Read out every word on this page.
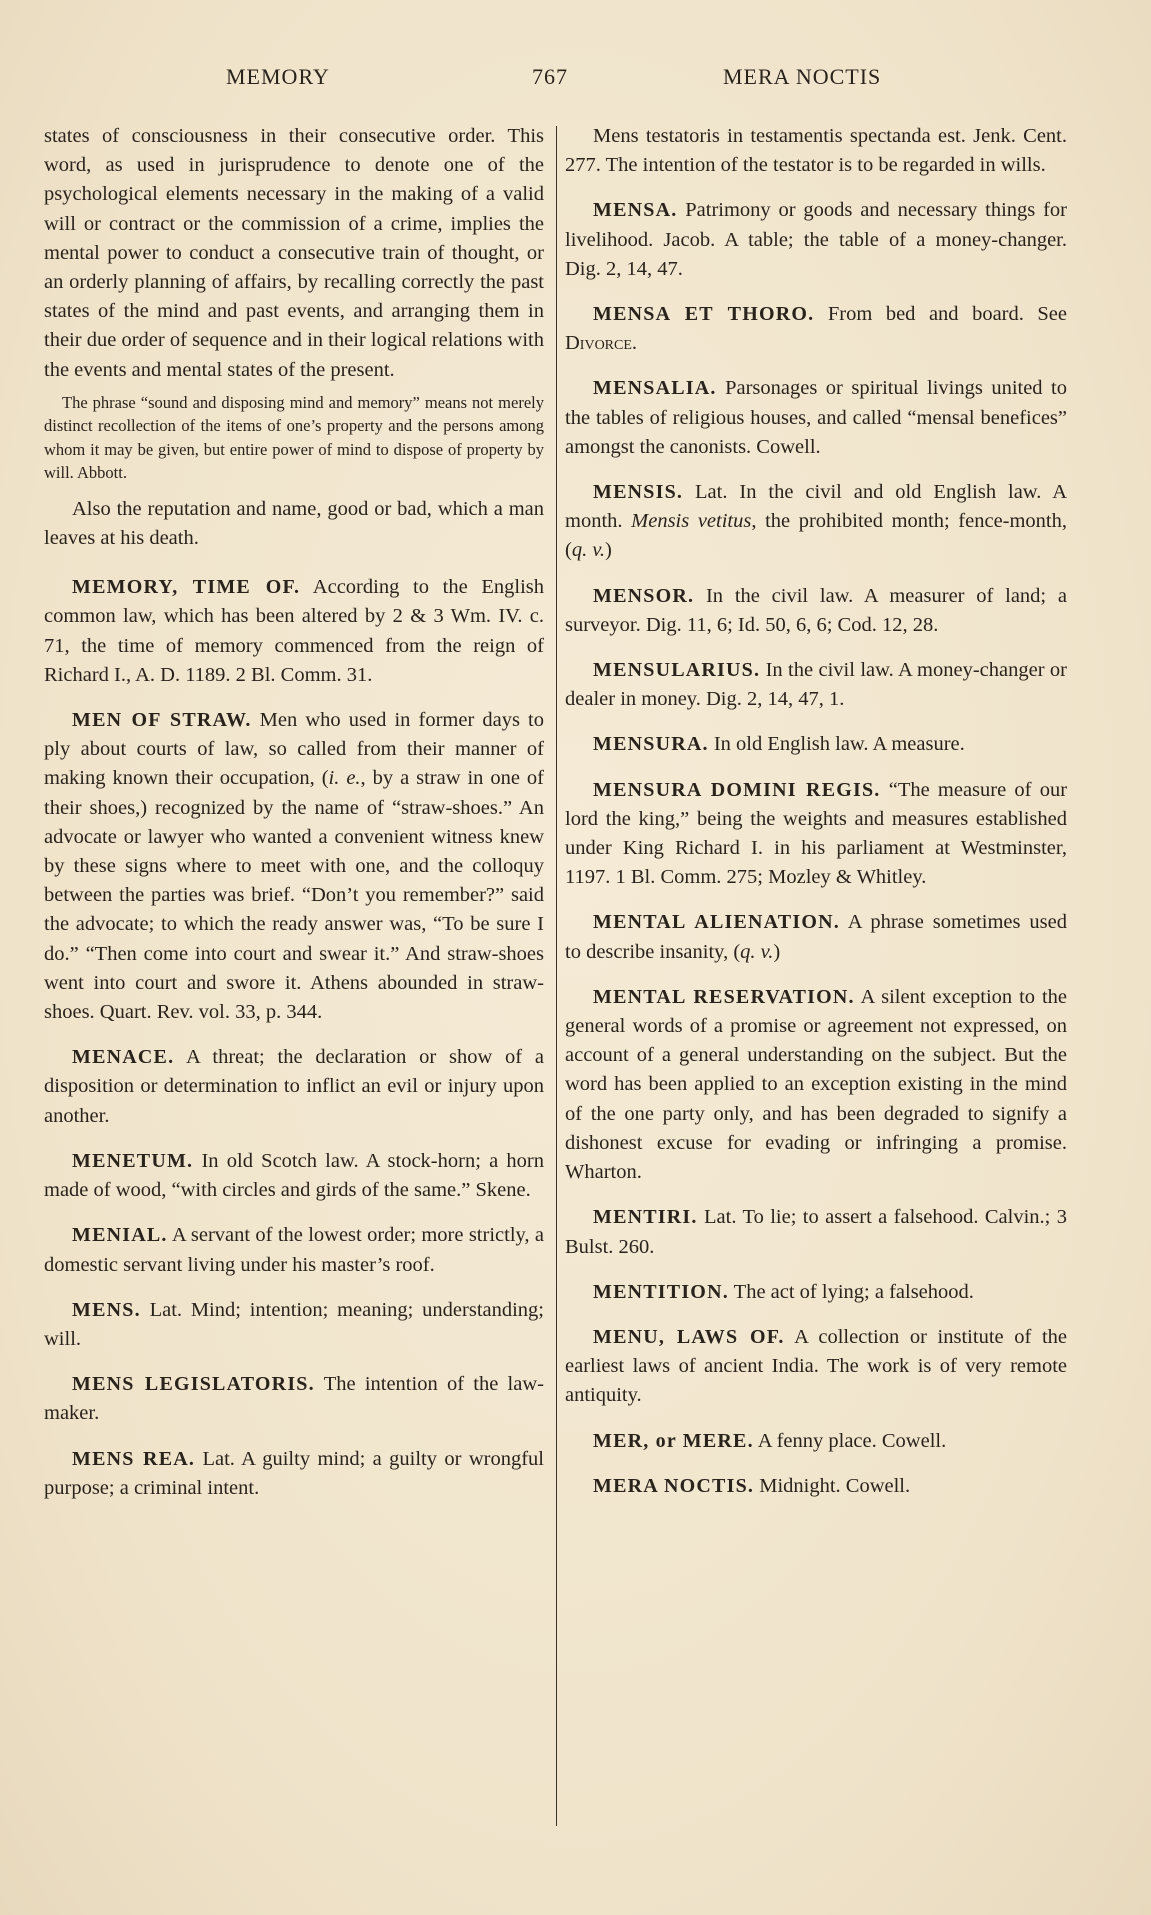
MEMORY	767	MERA NOCTIS

states of consciousness in their consecutive order. This word, as used in jurisprudence to denote one of the psychological elements necessary in the making of a valid will or contract or the commission of a crime, implies the mental power to conduct a consecutive train of thought, or an orderly planning of affairs, by recalling correctly the past states of the mind and past events, and arranging them in their due order of sequence and in their logical relations with the events and mental states of the present.

The phrase “sound and disposing mind and memory” means not merely distinct recollection of the items of one’s property and the persons among whom it may be given, but entire power of mind to dispose of property by will. Abbott.

Also the reputation and name, good or bad, which a man leaves at his death.

MEMORY, TIME OF. According to the English common law, which has been altered by 2 & 3 Wm. IV. c. 71, the time of memory commenced from the reign of Richard I., A. D. 1189. 2 Bl. Comm. 31.

MEN OF STRAW. Men who used in former days to ply about courts of law, so called from their manner of making known their occupation, (i. e., by a straw in one of their shoes,) recognized by the name of “straw-shoes.” An advocate or lawyer who wanted a convenient witness knew by these signs where to meet with one, and the colloquy between the parties was brief. “Don’t you remember?” said the advocate; to which the ready answer was, “To be sure I do.” “Then come into court and swear it.” And straw-shoes went into court and swore it. Athens abounded in straw-shoes. Quart. Rev. vol. 33, p. 344.

MENACE. A threat; the declaration or show of a disposition or determination to inflict an evil or injury upon another.

MENETUM. In old Scotch law. A stock-horn; a horn made of wood, “with circles and girds of the same.” Skene.

MENIAL. A servant of the lowest order; more strictly, a domestic servant living under his master’s roof.

MENS. Lat. Mind; intention; meaning; understanding; will.

MENS LEGISLATORIS. The intention of the law-maker.

MENS REA. Lat. A guilty mind; a guilty or wrongful purpose; a criminal intent.

Mens testatoris in testamentis spectanda est. Jenk. Cent. 277. The intention of the testator is to be regarded in wills.

MENSA. Patrimony or goods and necessary things for livelihood. Jacob. A table; the table of a money-changer. Dig. 2, 14, 47.

MENSA ET THORO. From bed and board. See Divorce.

MENSALIA. Parsonages or spiritual livings united to the tables of religious houses, and called “mensal benefices” amongst the canonists. Cowell.

MENSIS. Lat. In the civil and old English law. A month. Mensis vetitus, the prohibited month; fence-month, (q. v.)

MENSOR. In the civil law. A measurer of land; a surveyor. Dig. 11, 6; Id. 50, 6, 6; Cod. 12, 28.

MENSULARIUS. In the civil law. A money-changer or dealer in money. Dig. 2, 14, 47, 1.

MENSURA. In old English law. A measure.

MENSURA DOMINI REGIS. “The measure of our lord the king,” being the weights and measures established under King Richard I. in his parliament at Westminster, 1197. 1 Bl. Comm. 275; Mozley & Whitley.

MENTAL ALIENATION. A phrase sometimes used to describe insanity, (q. v.)

MENTAL RESERVATION. A silent exception to the general words of a promise or agreement not expressed, on account of a general understanding on the subject. But the word has been applied to an exception existing in the mind of the one party only, and has been degraded to signify a dishonest excuse for evading or infringing a promise. Wharton.

MENTIRI. Lat. To lie; to assert a falsehood. Calvin.; 3 Bulst. 260.

MENTITION. The act of lying; a falsehood.

MENU, LAWS OF. A collection or institute of the earliest laws of ancient India. The work is of very remote antiquity.

MER, or MERE. A fenny place. Cowell.

MERA NOCTIS. Midnight. Cowell.
